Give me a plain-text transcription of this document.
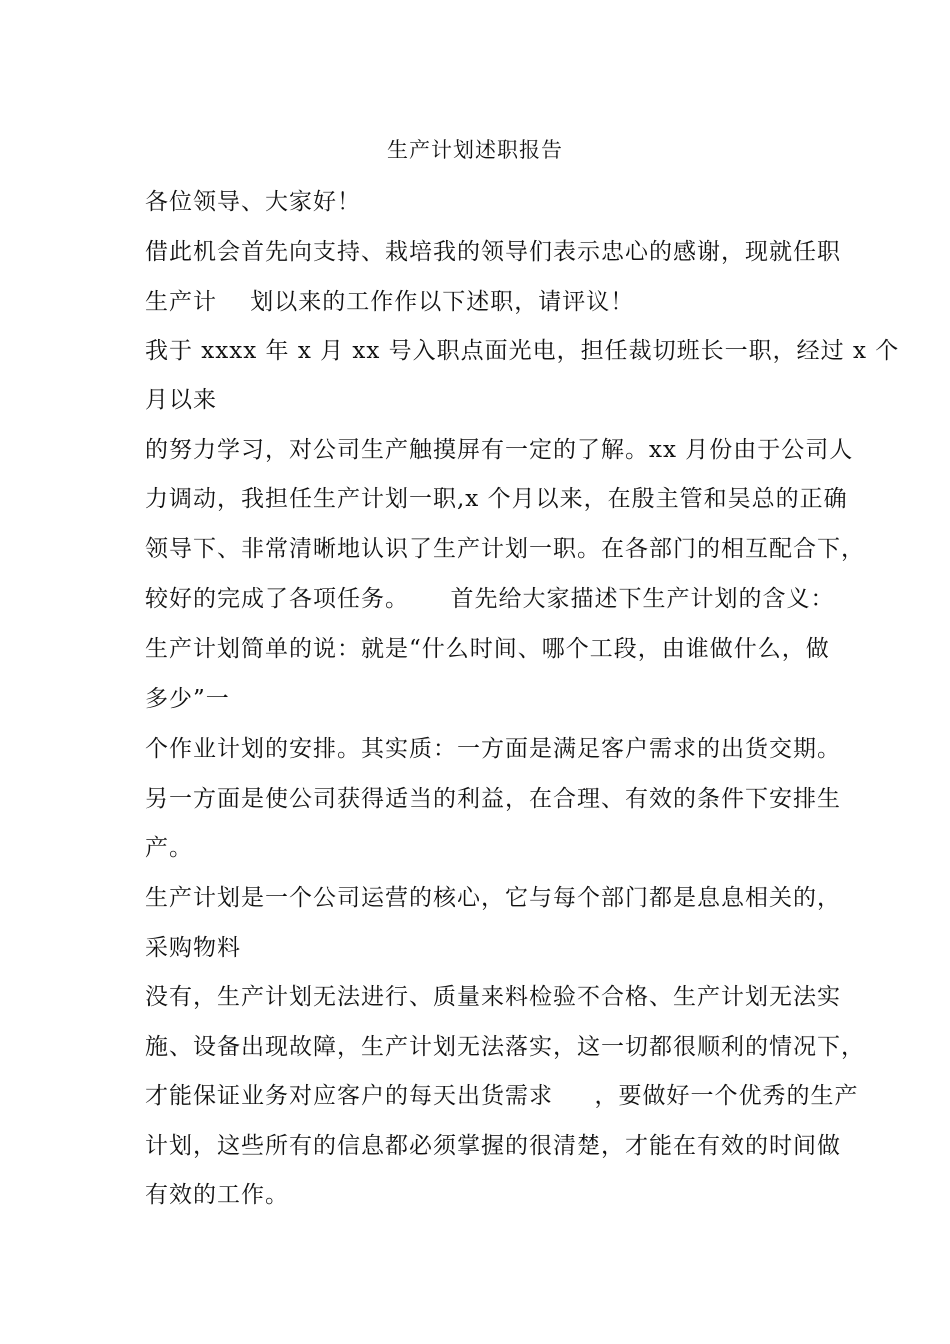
生产计划述职报告
各位领导、大家好！
借此机会首先向支持、栽培我的领导们表示忠心的感谢，现就任职
生产计    划以来的工作作以下述职，请评议！
我于 xxxx 年 x 月 xx 号入职点面光电，担任裁切班长一职，经过 x 个
月以来
的努力学习，对公司生产触摸屏有一定的了解。xx 月份由于公司人
力调动，我担任生产计划一职,x 个月以来，在殷主管和吴总的正确
领导下、非常清晰地认识了生产计划一职。在各部门的相互配合下，
较好的完成了各项任务。     首先给大家描述下生产计划的含义：
生产计划简单的说：就是“什么时间、哪个工段，由谁做什么，做
多少”一
个作业计划的安排。其实质：一方面是满足客户需求的出货交期。
另一方面是使公司获得适当的利益，在合理、有效的条件下安排生
产。
生产计划是一个公司运营的核心，它与每个部门都是息息相关的，
采购物料
没有，生产计划无法进行、质量来料检验不合格、生产计划无法实
施、设备出现故障，生产计划无法落实，这一切都很顺利的情况下，
才能保证业务对应客户的每天出货需求     ，要做好一个优秀的生产
计划，这些所有的信息都必须掌握的很清楚，才能在有效的时间做
有效的工作。
